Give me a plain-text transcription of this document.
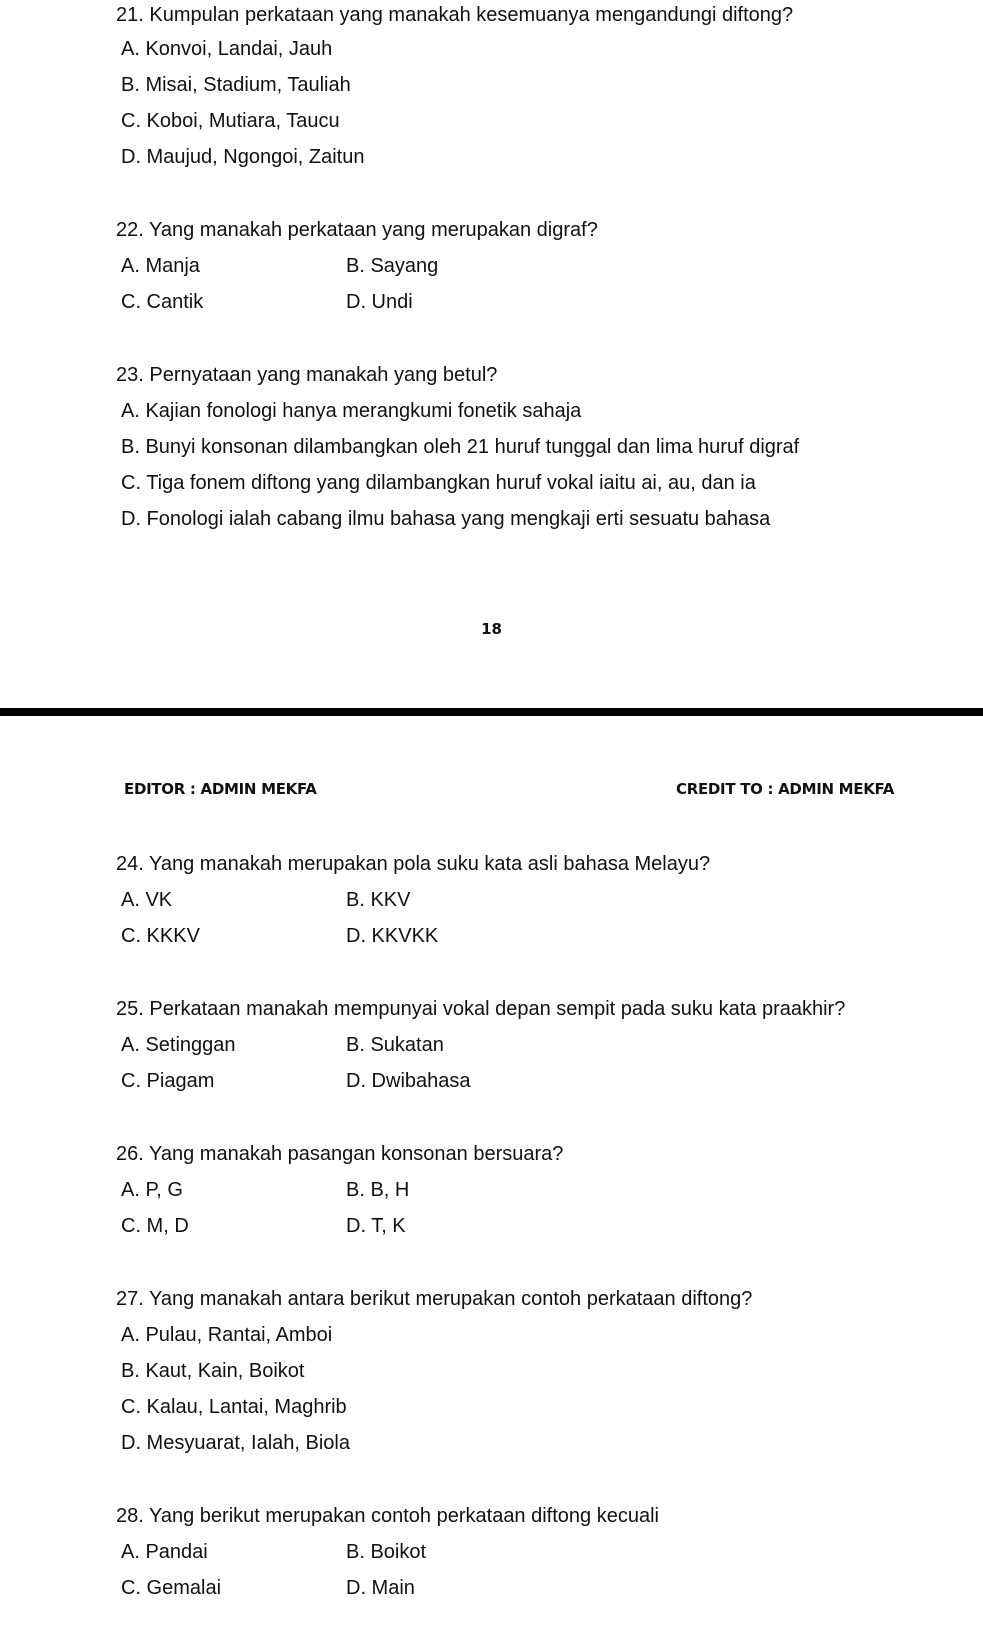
21. Kumpulan perkataan yang manakah kesemuanya mengandungi diftong?
A. Konvoi, Landai, Jauh
B. Misai, Stadium, Tauliah
C. Koboi, Mutiara, Taucu
D. Maujud, Ngongoi, Zaitun
22. Yang manakah perkataan yang merupakan digraf?
A. Manja	B. Sayang
C. Cantik	D. Undi
23. Pernyataan yang manakah yang betul?
A. Kajian fonologi hanya merangkumi fonetik sahaja
B. Bunyi konsonan dilambangkan oleh 21 huruf tunggal dan lima huruf digraf
C. Tiga fonem diftong yang dilambangkan huruf vokal iaitu ai, au, dan ia
D. Fonologi ialah cabang ilmu bahasa yang mengkaji erti sesuatu bahasa
18
EDITOR : ADMIN MEKFA	CREDIT TO : ADMIN MEKFA
24. Yang manakah merupakan pola suku kata asli bahasa Melayu?
A. VK	B. KKV
C. KKKV	D. KKVKK
25. Perkataan manakah mempunyai vokal depan sempit pada suku kata praakhir?
A. Setinggan	B. Sukatan
C. Piagam	D. Dwibahasa
26. Yang manakah pasangan konsonan bersuara?
A. P, G	B. B, H
C. M, D	D. T, K
27. Yang manakah antara berikut merupakan contoh perkataan diftong?
A. Pulau, Rantai, Amboi
B. Kaut, Kain, Boikot
C. Kalau, Lantai, Maghrib
D. Mesyuarat, Ialah, Biola
28. Yang berikut merupakan contoh perkataan diftong kecuali
A. Pandai	B. Boikot
C. Gemalai	D. Main
